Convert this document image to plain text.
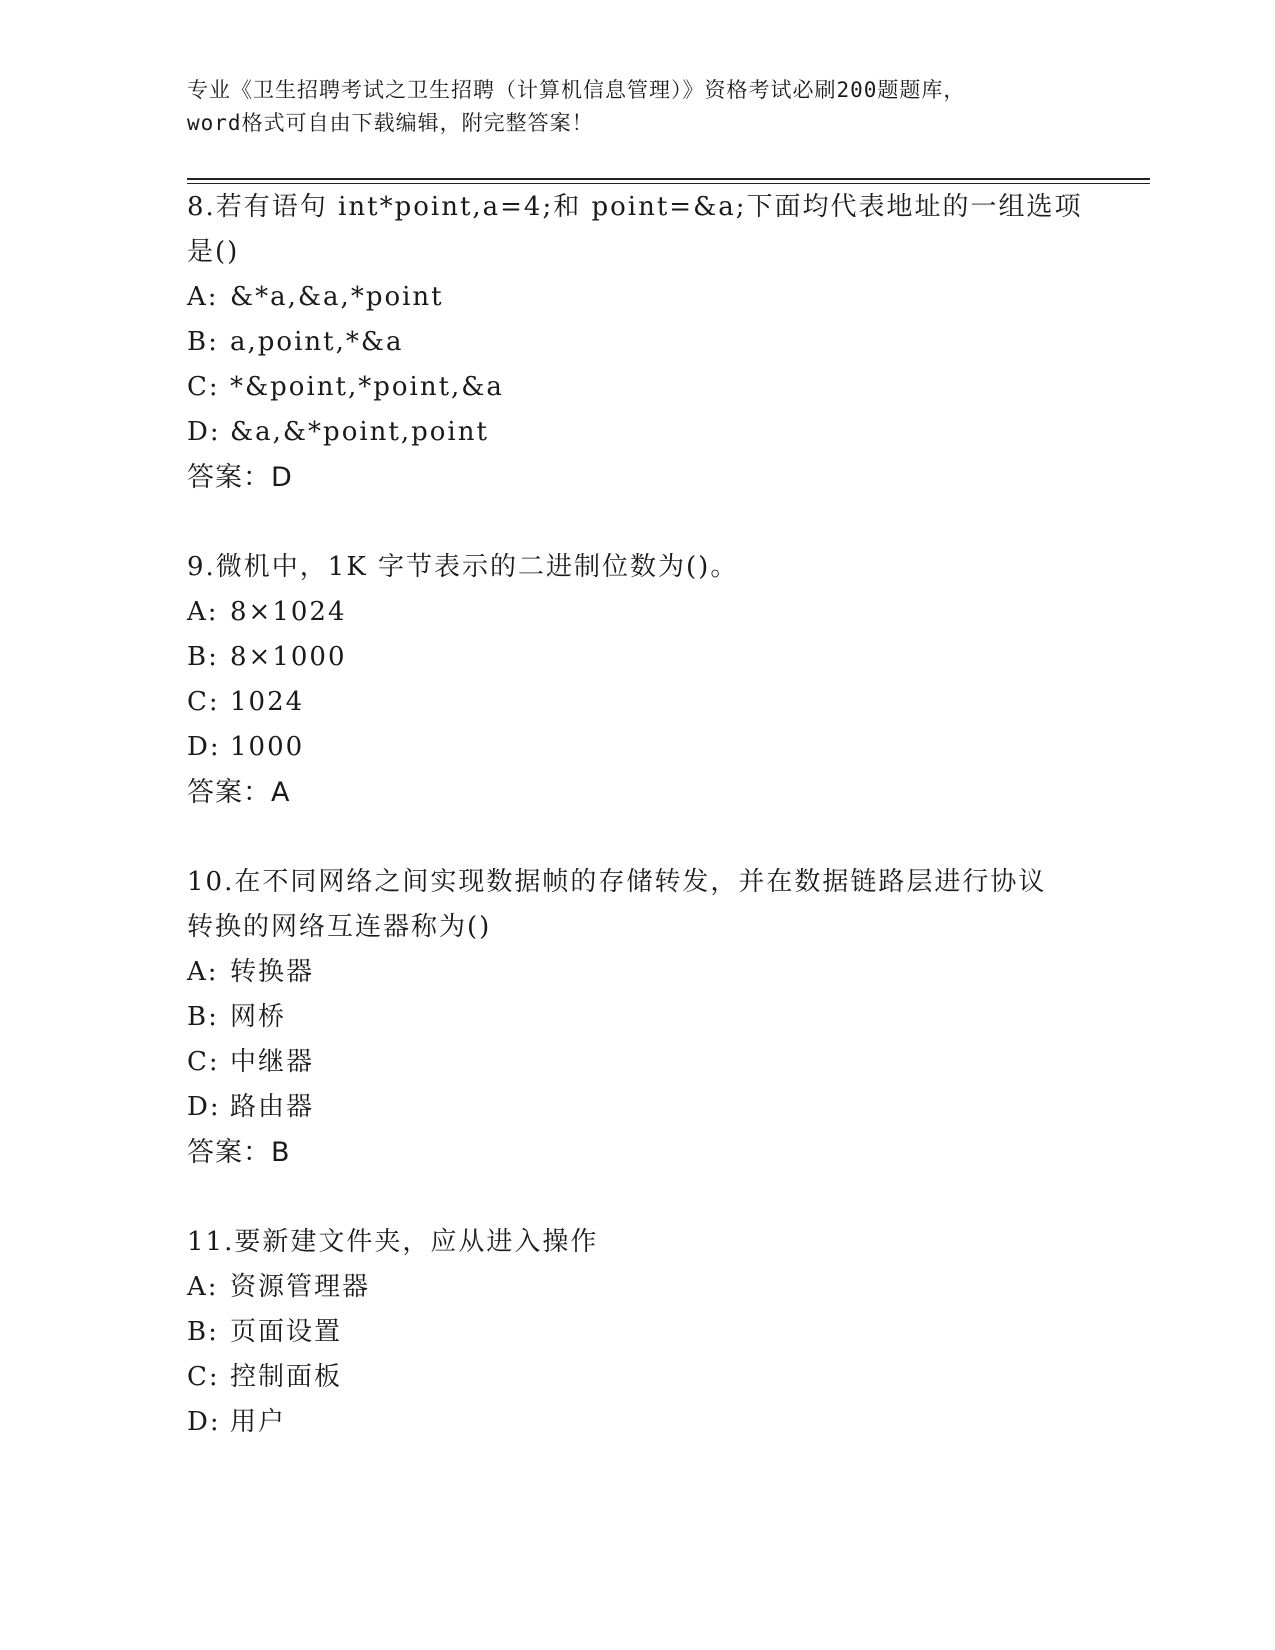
专业《卫生招聘考试之卫生招聘（计算机信息管理）》资格考试必刷200题题库，
word格式可自由下载编辑，附完整答案！
8.若有语句 int*point,a=4;和 point=&a;下面均代表地址的一组选项
是()
A: &*a,&a,*point
B: a,point,*&a
C: *&point,*point,&a
D: &a,&*point,point
答案：D
9.微机中，1K 字节表示的二进制位数为()。
A: 8×1024
B: 8×1000
C: 1024
D: 1000
答案：A
10.在不同网络之间实现数据帧的存储转发，并在数据链路层进行协议
转换的网络互连器称为()
A: 转换器
B: 网桥
C: 中继器
D: 路由器
答案：B
11.要新建文件夹，应从进入操作
A: 资源管理器
B: 页面设置
C: 控制面板
D: 用户
